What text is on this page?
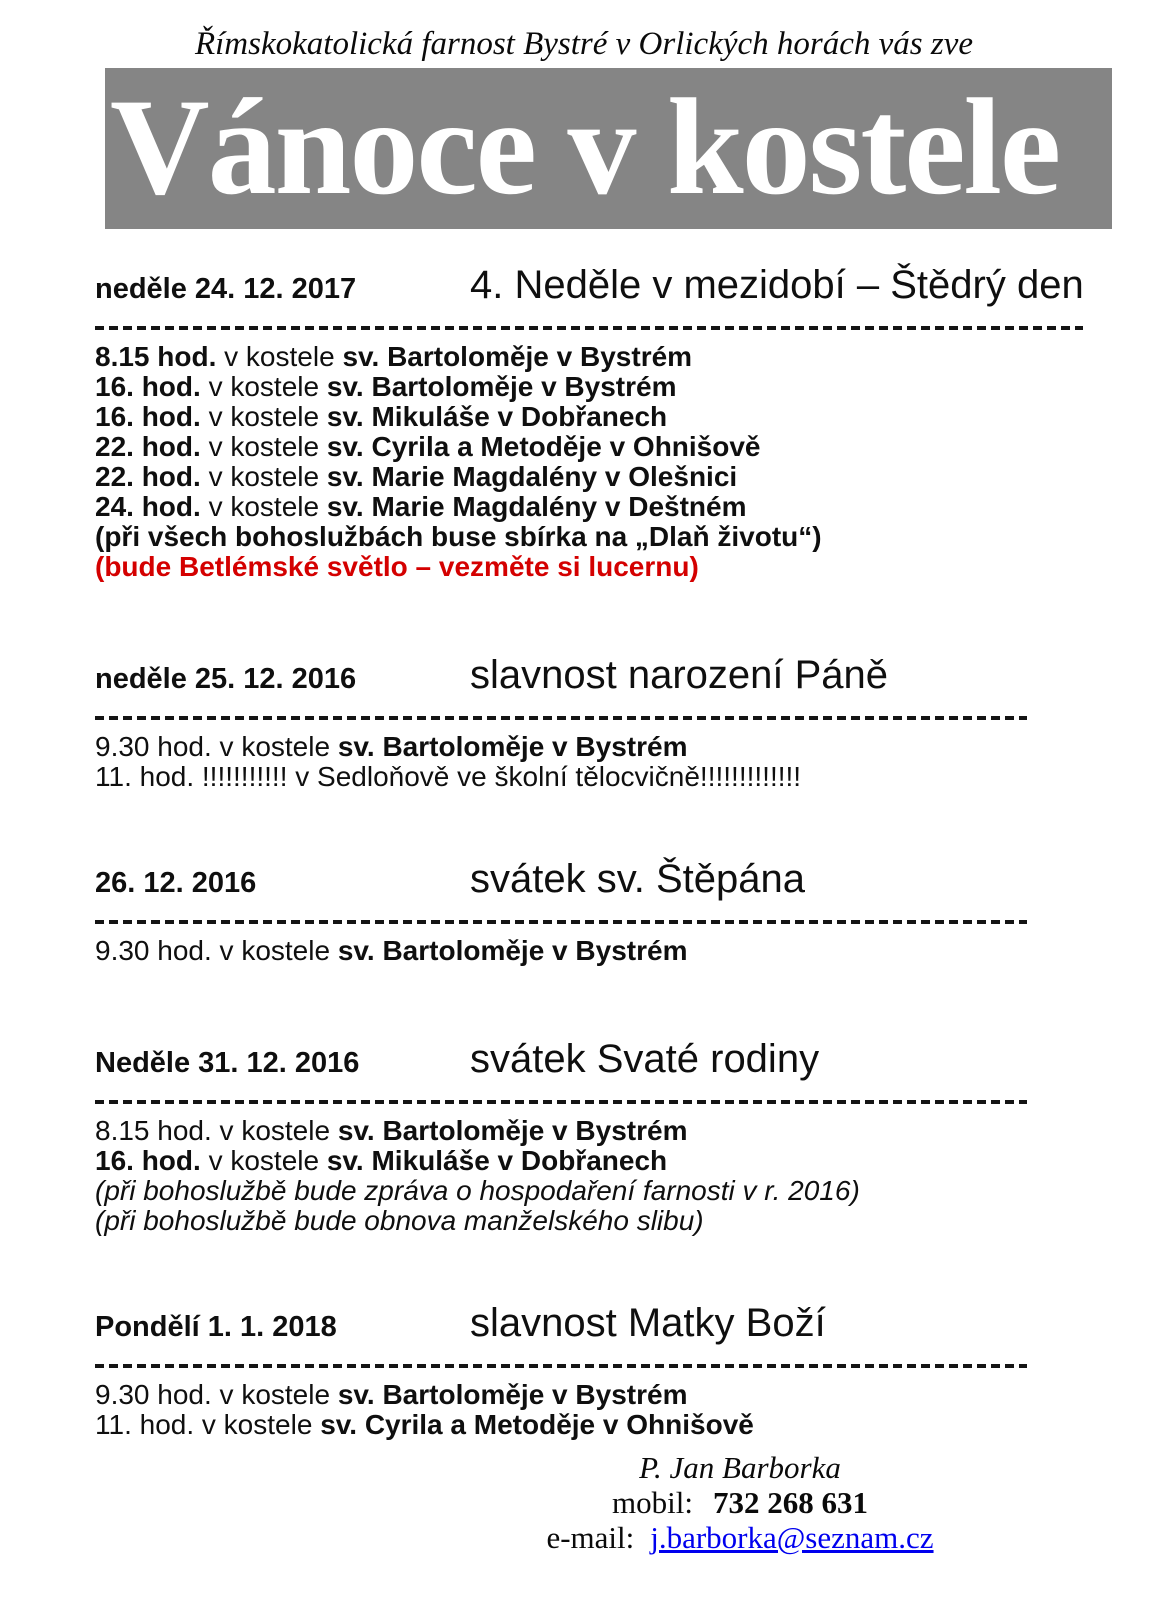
Římskokatolická farnost Bystré v Orlických horách vás zve
Vánoce v kostele
neděle 24. 12. 2017	4. Neděle v mezidobí – Štědrý den
8.15 hod. v kostele sv. Bartoloměje v Bystrém
16. hod. v kostele sv. Bartoloměje v Bystrém
16. hod. v kostele sv. Mikuláše v Dobřanech
22. hod. v kostele sv. Cyrila a Metoděje v Ohnišově
22. hod. v kostele sv. Marie Magdalény v Olešnici
24. hod. v kostele sv. Marie Magdalény v Deštném
(při všech bohoslužbách buse sbírka na „Dlaň životu“)
(bude Betlémské světlo – vezměte si lucernu)
neděle 25. 12. 2016	slavnost narození Páně
9.30 hod. v kostele sv. Bartoloměje v Bystrém
11. hod. !!!!!!!!!!! v Sedloňově ve školní tělocvičně!!!!!!!!!!!!!
26. 12. 2016	svátek sv. Štěpána
9.30 hod. v kostele sv. Bartoloměje v Bystrém
Neděle 31. 12. 2016	svátek Svaté rodiny
8.15 hod. v kostele sv. Bartoloměje v Bystrém
16. hod. v kostele sv. Mikuláše v Dobřanech
(při bohoslužbě bude zpráva o hospodaření farnosti v r. 2016)
(při bohoslužbě bude obnova manželského slibu)
Pondělí 1. 1. 2018	slavnost Matky Boží
9.30 hod. v kostele sv. Bartoloměje v Bystrém
11. hod. v kostele sv. Cyrila a Metoděje v Ohnišově
P. Jan Barborka
mobil: 732 268 631
e-mail: j.barborka@seznam.cz
